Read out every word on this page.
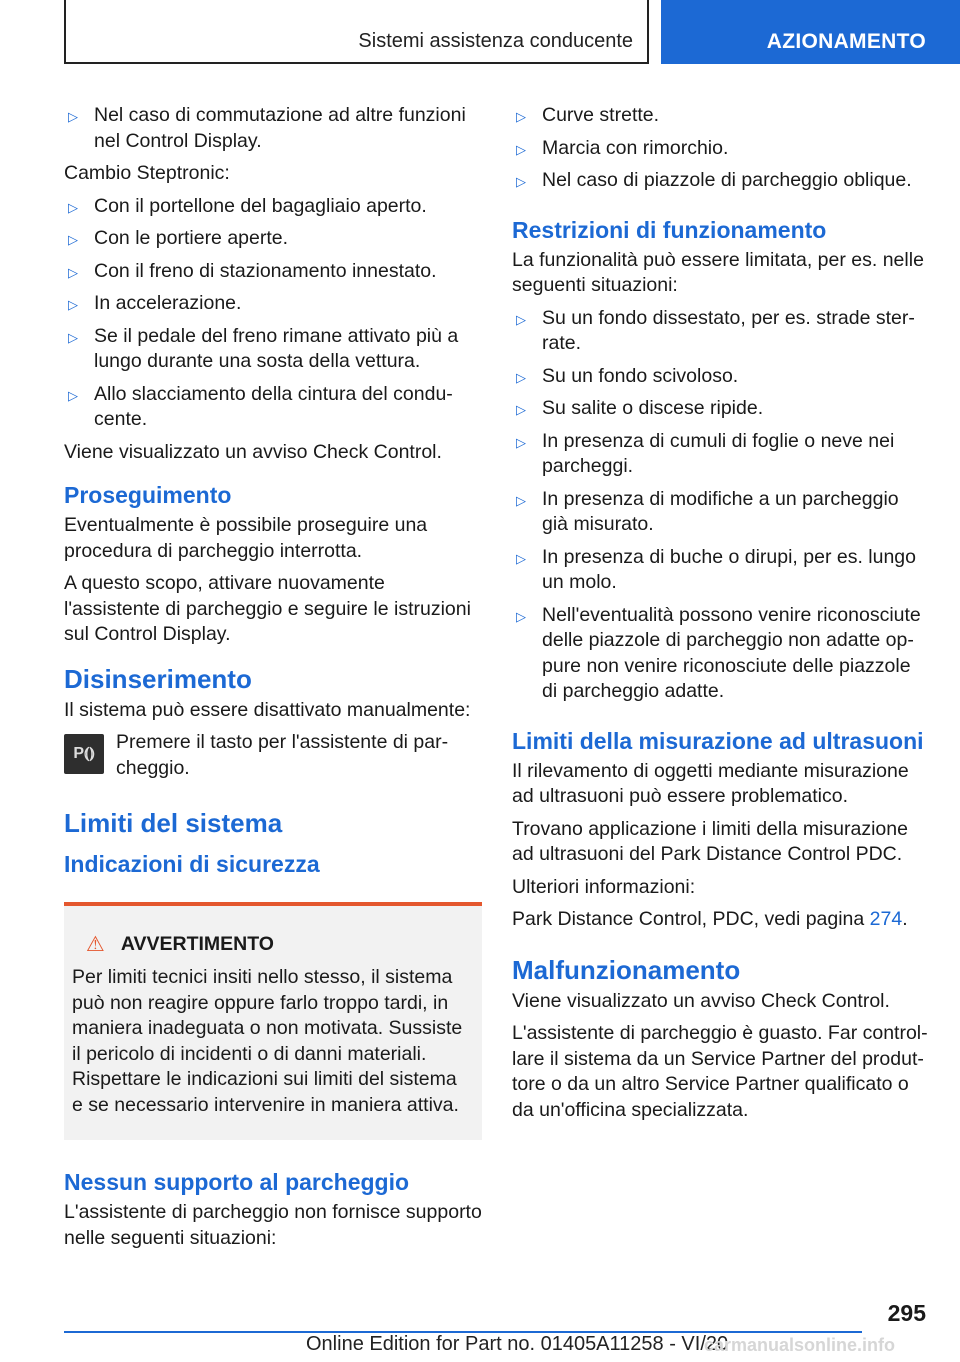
Sistemi assistenza conducente	AZIONAMENTO
▷ Nel caso di commutazione ad altre funzioni nel Control Display.

Cambio Steptronic:

▷ Con il portellone del bagagliaio aperto.
▷ Con le portiere aperte.
▷ Con il freno di stazionamento innestato.
▷ In accelerazione.
▷ Se il pedale del freno rimane attivato più a lungo durante una sosta della vettura.
▷ Allo slacciamento della cintura del conducente.

Viene visualizzato un avviso Check Control.

Proseguimento

Eventualmente è possibile proseguire una procedura di parcheggio interrotta.

A questo scopo, attivare nuovamente l'assistente di parcheggio e seguire le istruzioni sul Control Display.

Disinserimento

Il sistema può essere disattivato manualmente:

P⦅⦆

Premere il tasto per l'assistente di parcheggio.

Limiti del sistema
Indicazioni di sicurezza
⚠ AVVERTIMENTO

Per limiti tecnici insiti nello stesso, il sistema può non reagire oppure farlo troppo tardi, in maniera inadeguata o non motivata. Sussiste il pericolo di incidenti o di danni materiali. Rispettare le indicazioni sui limiti del sistema e se necessario intervenire in maniera attiva.

Nessun supporto al parcheggio

L'assistente di parcheggio non fornisce supporto nelle seguenti situazioni:

▷ Curve strette.
▷ Marcia con rimorchio.
▷ Nel caso di piazzole di parcheggio oblique.
Restrizioni di funzionamento

La funzionalità può essere limitata, per es. nelle seguenti situazioni:

▷ Su un fondo dissestato, per es. strade sterrate.
▷ Su un fondo scivoloso.
▷ Su salite o discese ripide.
▷ In presenza di cumuli di foglie o neve nei parcheggi.
▷ In presenza di modifiche a un parcheggio già misurato.
▷ In presenza di buche o dirupi, per es. lungo un molo.
▷ Nell'eventualità possono venire riconosciute delle piazzole di parcheggio non adatte oppure non venire riconosciute delle piazzole di parcheggio adatte.
Limiti della misurazione ad ultrasuoni

Il rilevamento di oggetti mediante misurazione ad ultrasuoni può essere problematico.

Trovano applicazione i limiti della misurazione ad ultrasuoni del Park Distance Control PDC.

Ulteriori informazioni:

Park Distance Control, PDC, vedi pagina 274.

Malfunzionamento

Viene visualizzato un avviso Check Control.

L'assistente di parcheggio è guasto. Far controllare il sistema da un Service Partner del produttore o da un altro Service Partner qualificato o da un'officina specializzata.

295
Online Edition for Part no. 01405A11258 - VI/20
carmanualsonline.info
